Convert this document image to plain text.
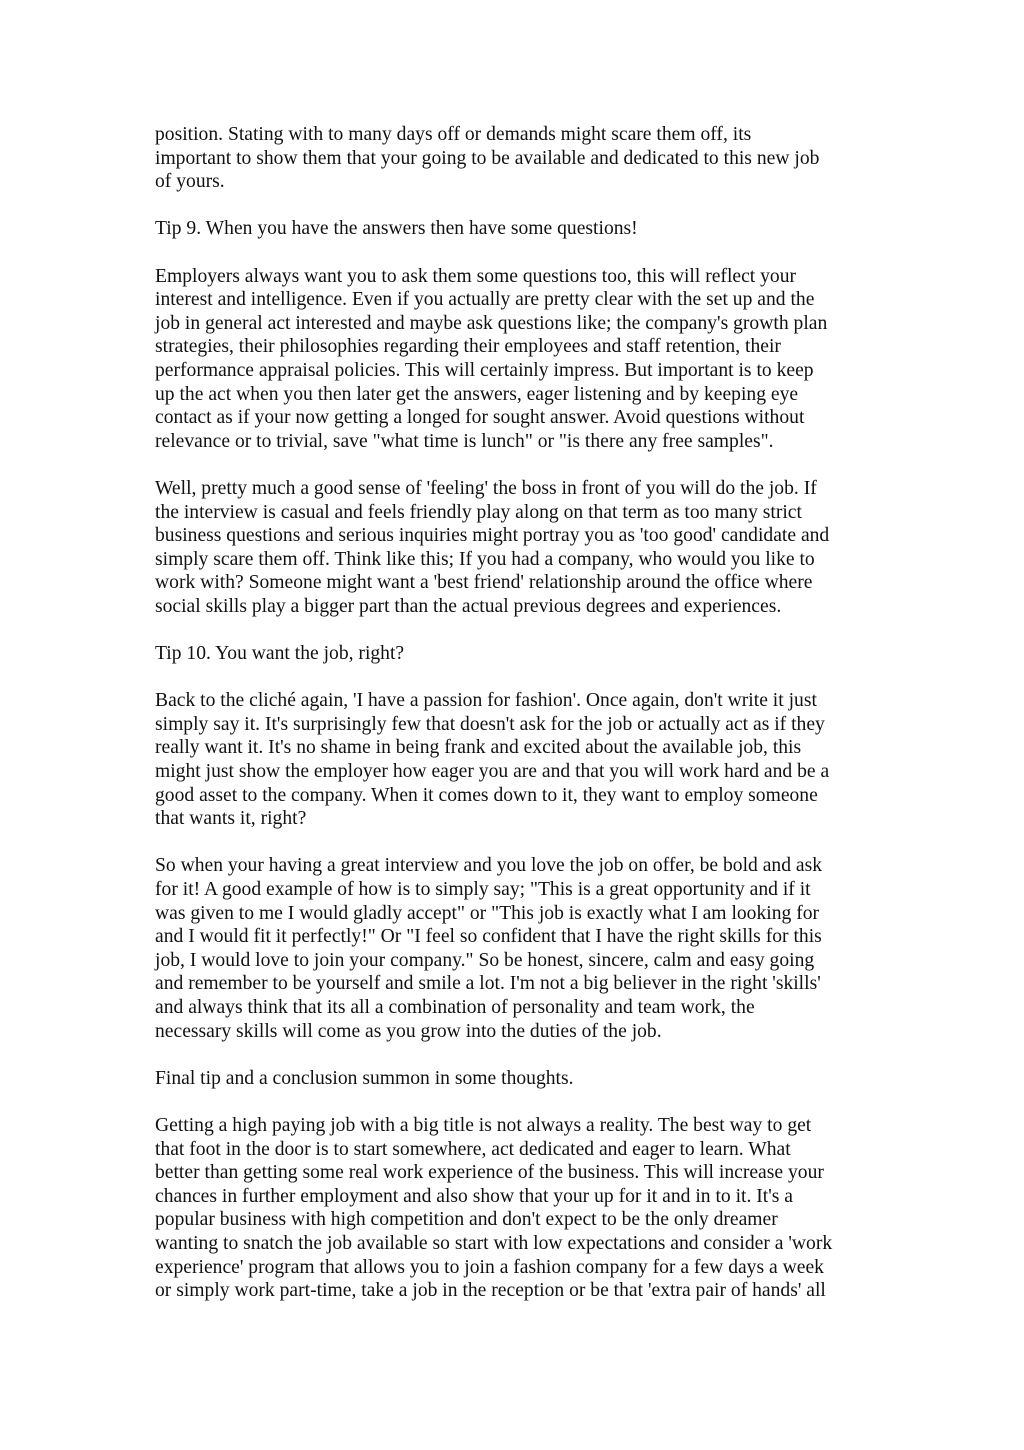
position. Stating with to many days off or demands might scare them off, its
important to show them that your going to be available and dedicated to this new job
of yours.
Tip 9. When you have the answers then have some questions!
Employers always want you to ask them some questions too, this will reflect your
interest and intelligence. Even if you actually are pretty clear with the set up and the
job in general act interested and maybe ask questions like; the company's growth plan
strategies, their philosophies regarding their employees and staff retention, their
performance appraisal policies. This will certainly impress. But important is to keep
up the act when you then later get the answers, eager listening and by keeping eye
contact as if your now getting a longed for sought answer. Avoid questions without
relevance or to trivial, save "what time is lunch" or "is there any free samples".
Well, pretty much a good sense of 'feeling' the boss in front of you will do the job. If
the interview is casual and feels friendly play along on that term as too many strict
business questions and serious inquiries might portray you as 'too good' candidate and
simply scare them off. Think like this; If you had a company, who would you like to
work with? Someone might want a 'best friend' relationship around the office where
social skills play a bigger part than the actual previous degrees and experiences.
Tip 10. You want the job, right?
Back to the cliché again, 'I have a passion for fashion'. Once again, don't write it just
simply say it. It's surprisingly few that doesn't ask for the job or actually act as if they
really want it. It's no shame in being frank and excited about the available job, this
might just show the employer how eager you are and that you will work hard and be a
good asset to the company. When it comes down to it, they want to employ someone
that wants it, right?
So when your having a great interview and you love the job on offer, be bold and ask
for it! A good example of how is to simply say; "This is a great opportunity and if it
was given to me I would gladly accept" or "This job is exactly what I am looking for
and I would fit it perfectly!" Or "I feel so confident that I have the right skills for this
job, I would love to join your company." So be honest, sincere, calm and easy going
and remember to be yourself and smile a lot. I'm not a big believer in the right 'skills'
and always think that its all a combination of personality and team work, the
necessary skills will come as you grow into the duties of the job.
Final tip and a conclusion summon in some thoughts.
Getting a high paying job with a big title is not always a reality. The best way to get
that foot in the door is to start somewhere, act dedicated and eager to learn. What
better than getting some real work experience of the business. This will increase your
chances in further employment and also show that your up for it and in to it. It's a
popular business with high competition and don't expect to be the only dreamer
wanting to snatch the job available so start with low expectations and consider a 'work
experience' program that allows you to join a fashion company for a few days a week
or simply work part-time, take a job in the reception or be that 'extra pair of hands' all
